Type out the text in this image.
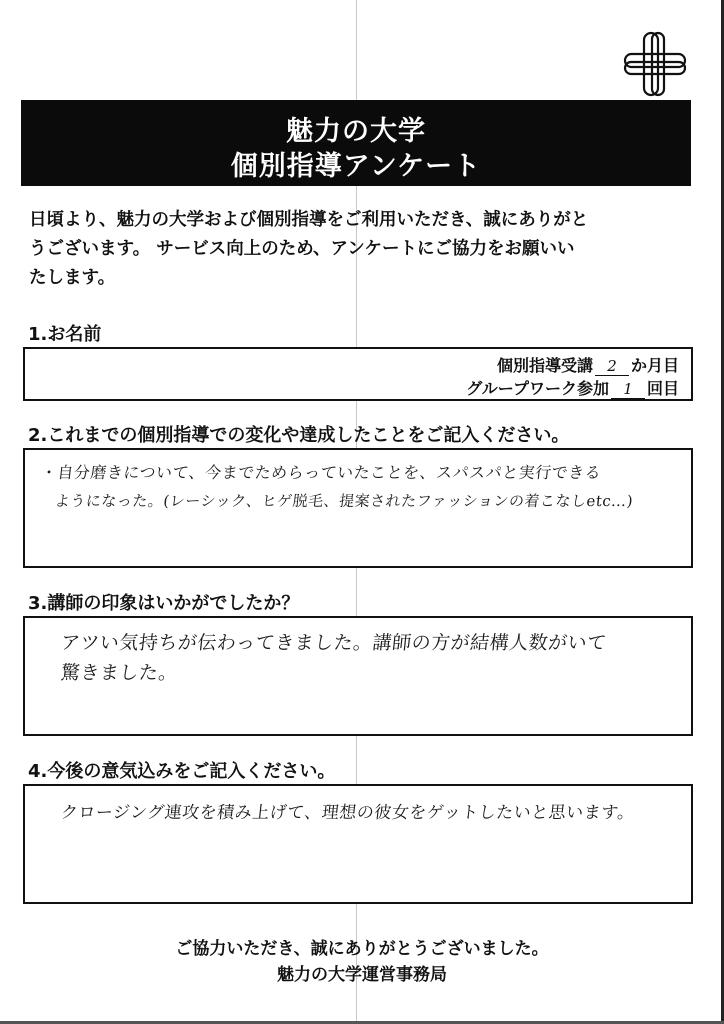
魅力の大学
個別指導アンケート
日頃より、魅力の大学および個別指導をご利用いただき、誠にありがと
うございます。 サービス向上のため、アンケートにご協力をお願いい
たします。
1.お名前
個別指導受講 2 か月目
グループワーク参加 1 回目
2.これまでの個別指導での変化や達成したことをご記入ください。
・自分磨きについて、今までためらっていたことを、スパスパと実行できる
ようになった。(レーシック、ヒゲ脱毛、提案されたファッションの着こなしetc…)
3.講師の印象はいかがでしたか？
アツい気持ちが伝わってきました。講師の方が結構人数がいて
驚きました。
4.今後の意気込みをご記入ください。
クロージング連攻を積み上げて、理想の彼女をゲットしたいと思います。
ご協力いただき、誠にありがとうございました。
魅力の大学運営事務局
